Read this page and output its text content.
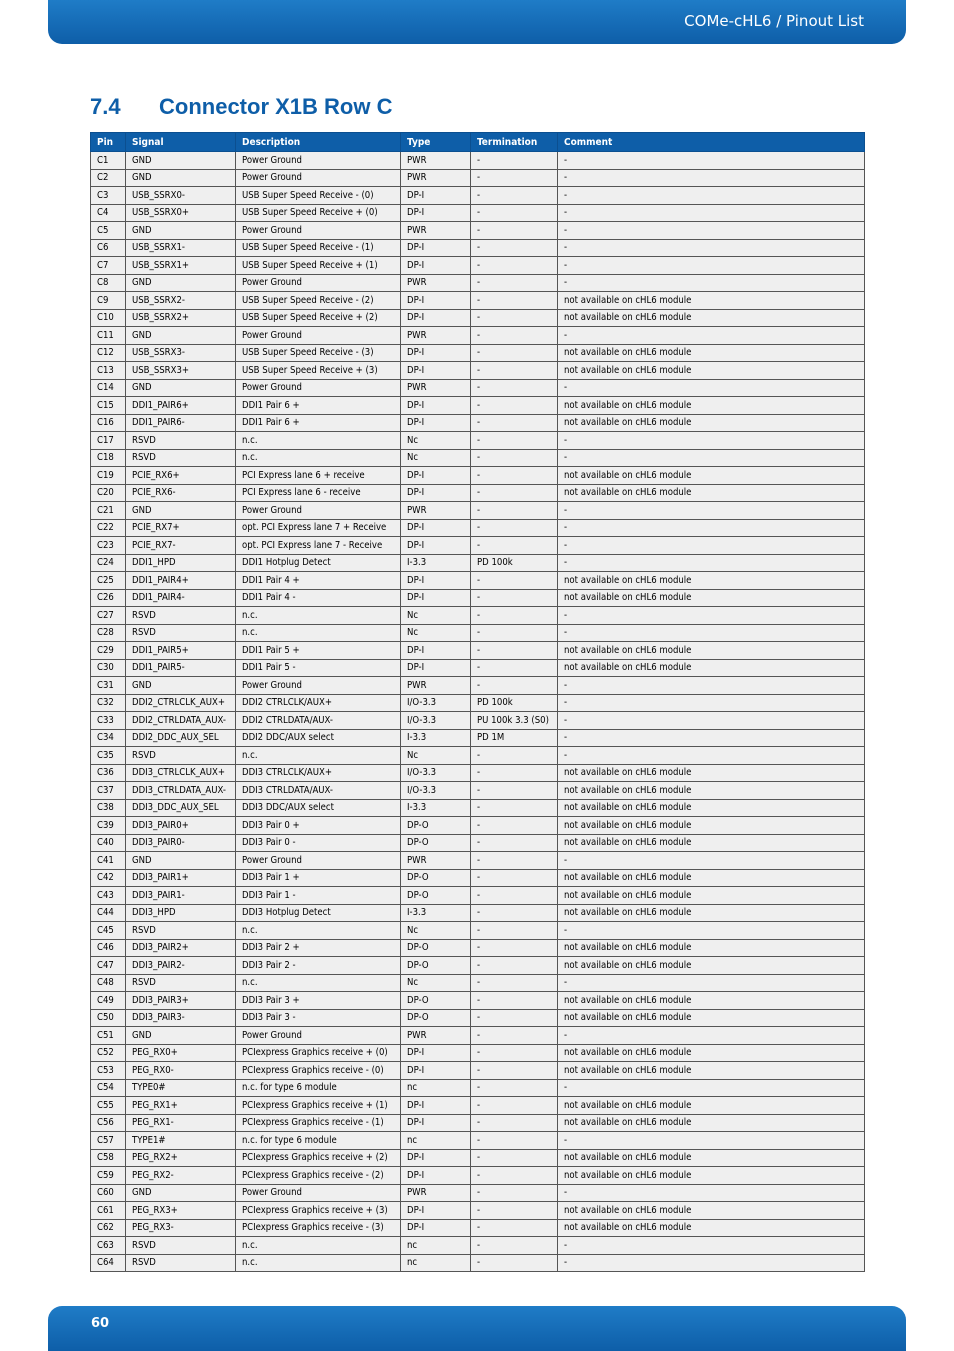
COMe-cHL6 / Pinout List
7.4 Connector X1B Row C
Pin	Signal	Description	Type	Termination	Comment
C1	GND	Power Ground	PWR	-	-
C2	GND	Power Ground	PWR	-	-
C3	USB_SSRX0-	USB Super Speed Receive - (0)	DP-I	-	-
C4	USB_SSRX0+	USB Super Speed Receive + (0)	DP-I	-	-
C5	GND	Power Ground	PWR	-	-
C6	USB_SSRX1-	USB Super Speed Receive - (1)	DP-I	-	-
C7	USB_SSRX1+	USB Super Speed Receive + (1)	DP-I	-	-
C8	GND	Power Ground	PWR	-	-
C9	USB_SSRX2-	USB Super Speed Receive - (2)	DP-I	-	not available on cHL6 module
C10	USB_SSRX2+	USB Super Speed Receive + (2)	DP-I	-	not available on cHL6 module
C11	GND	Power Ground	PWR	-	-
C12	USB_SSRX3-	USB Super Speed Receive - (3)	DP-I	-	not available on cHL6 module
C13	USB_SSRX3+	USB Super Speed Receive + (3)	DP-I	-	not available on cHL6 module
C14	GND	Power Ground	PWR	-	-
C15	DDI1_PAIR6+	DDI1 Pair 6 +	DP-I	-	not available on cHL6 module
C16	DDI1_PAIR6-	DDI1 Pair 6 +	DP-I	-	not available on cHL6 module
C17	RSVD	n.c.	Nc	-	-
C18	RSVD	n.c.	Nc	-	-
C19	PCIE_RX6+	PCI Express lane 6 + receive	DP-I	-	not available on cHL6 module
C20	PCIE_RX6-	PCI Express lane 6 - receive	DP-I	-	not available on cHL6 module
C21	GND	Power Ground	PWR	-	-
C22	PCIE_RX7+	opt. PCI Express lane 7 + Receive	DP-I	-	-
C23	PCIE_RX7-	opt. PCI Express lane 7 - Receive	DP-I	-	-
C24	DDI1_HPD	DDI1 Hotplug Detect	I-3.3	PD 100k	-
C25	DDI1_PAIR4+	DDI1 Pair 4 +	DP-I	-	not available on cHL6 module
C26	DDI1_PAIR4-	DDI1 Pair 4 -	DP-I	-	not available on cHL6 module
C27	RSVD	n.c.	Nc	-	-
C28	RSVD	n.c.	Nc	-	-
C29	DDI1_PAIR5+	DDI1 Pair 5 +	DP-I	-	not available on cHL6 module
C30	DDI1_PAIR5-	DDI1 Pair 5 -	DP-I	-	not available on cHL6 module
C31	GND	Power Ground	PWR	-	-
C32	DDI2_CTRLCLK_AUX+	DDI2 CTRLCLK/AUX+	I/O-3.3	PD 100k	-
C33	DDI2_CTRLDATA_AUX-	DDI2 CTRLDATA/AUX-	I/O-3.3	PU 100k 3.3 (S0)	-
C34	DDI2_DDC_AUX_SEL	DDI2 DDC/AUX select	I-3.3	PD 1M	-
C35	RSVD	n.c.	Nc	-	-
C36	DDI3_CTRLCLK_AUX+	DDI3 CTRLCLK/AUX+	I/O-3.3	-	not available on cHL6 module
C37	DDI3_CTRLDATA_AUX-	DDI3 CTRLDATA/AUX-	I/O-3.3	-	not available on cHL6 module
C38	DDI3_DDC_AUX_SEL	DDI3 DDC/AUX select	I-3.3	-	not available on cHL6 module
C39	DDI3_PAIR0+	DDI3 Pair 0 +	DP-O	-	not available on cHL6 module
C40	DDI3_PAIR0-	DDI3 Pair 0 -	DP-O	-	not available on cHL6 module
C41	GND	Power Ground	PWR	-	-
C42	DDI3_PAIR1+	DDI3 Pair 1 +	DP-O	-	not available on cHL6 module
C43	DDI3_PAIR1-	DDI3 Pair 1 -	DP-O	-	not available on cHL6 module
C44	DDI3_HPD	DDI3 Hotplug Detect	I-3.3	-	not available on cHL6 module
C45	RSVD	n.c.	Nc	-	-
C46	DDI3_PAIR2+	DDI3 Pair 2 +	DP-O	-	not available on cHL6 module
C47	DDI3_PAIR2-	DDI3 Pair 2 -	DP-O	-	not available on cHL6 module
C48	RSVD	n.c.	Nc	-	-
C49	DDI3_PAIR3+	DDI3 Pair 3 +	DP-O	-	not available on cHL6 module
C50	DDI3_PAIR3-	DDI3 Pair 3 -	DP-O	-	not available on cHL6 module
C51	GND	Power Ground	PWR	-	-
C52	PEG_RX0+	PCIexpress Graphics receive + (0)	DP-I	-	not available on cHL6 module
C53	PEG_RX0-	PCIexpress Graphics receive - (0)	DP-I	-	not available on cHL6 module
C54	TYPE0#	n.c. for type 6 module	nc	-	-
C55	PEG_RX1+	PCIexpress Graphics receive + (1)	DP-I	-	not available on cHL6 module
C56	PEG_RX1-	PCIexpress Graphics receive - (1)	DP-I	-	not available on cHL6 module
C57	TYPE1#	n.c. for type 6 module	nc	-	-
C58	PEG_RX2+	PCIexpress Graphics receive + (2)	DP-I	-	not available on cHL6 module
C59	PEG_RX2-	PCIexpress Graphics receive - (2)	DP-I	-	not available on cHL6 module
C60	GND	Power Ground	PWR	-	-
C61	PEG_RX3+	PCIexpress Graphics receive + (3)	DP-I	-	not available on cHL6 module
C62	PEG_RX3-	PCIexpress Graphics receive - (3)	DP-I	-	not available on cHL6 module
C63	RSVD	n.c.	nc	-	-
C64	RSVD	n.c.	nc	-	-
60
